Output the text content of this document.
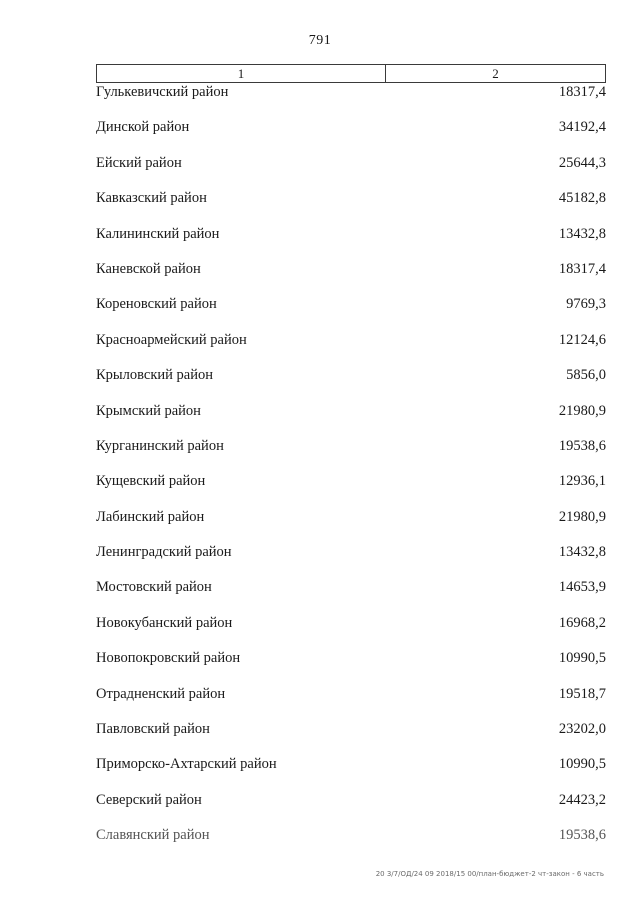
791
1	2
Гулькевичский район	18317,4
Динской район	34192,4
Ейский район	25644,3
Кавказский район	45182,8
Калининский район	13432,8
Каневской район	18317,4
Кореновский район	9769,3
Красноармейский район	12124,6
Крыловский район	5856,0
Крымский район	21980,9
Курганинский район	19538,6
Кущевский район	12936,1
Лабинский район	21980,9
Ленинградский район	13432,8
Мостовский район	14653,9
Новокубанский район	16968,2
Новопокровский район	10990,5
Отрадненский район	19518,7
Павловский район	23202,0
Приморско-Ахтарский район	10990,5
Северский район	24423,2
Славянский район	19538,6
20 3/7/ОД/24 09 2018/15 00/план-бюджет-2 чт-закон - 6 часть
